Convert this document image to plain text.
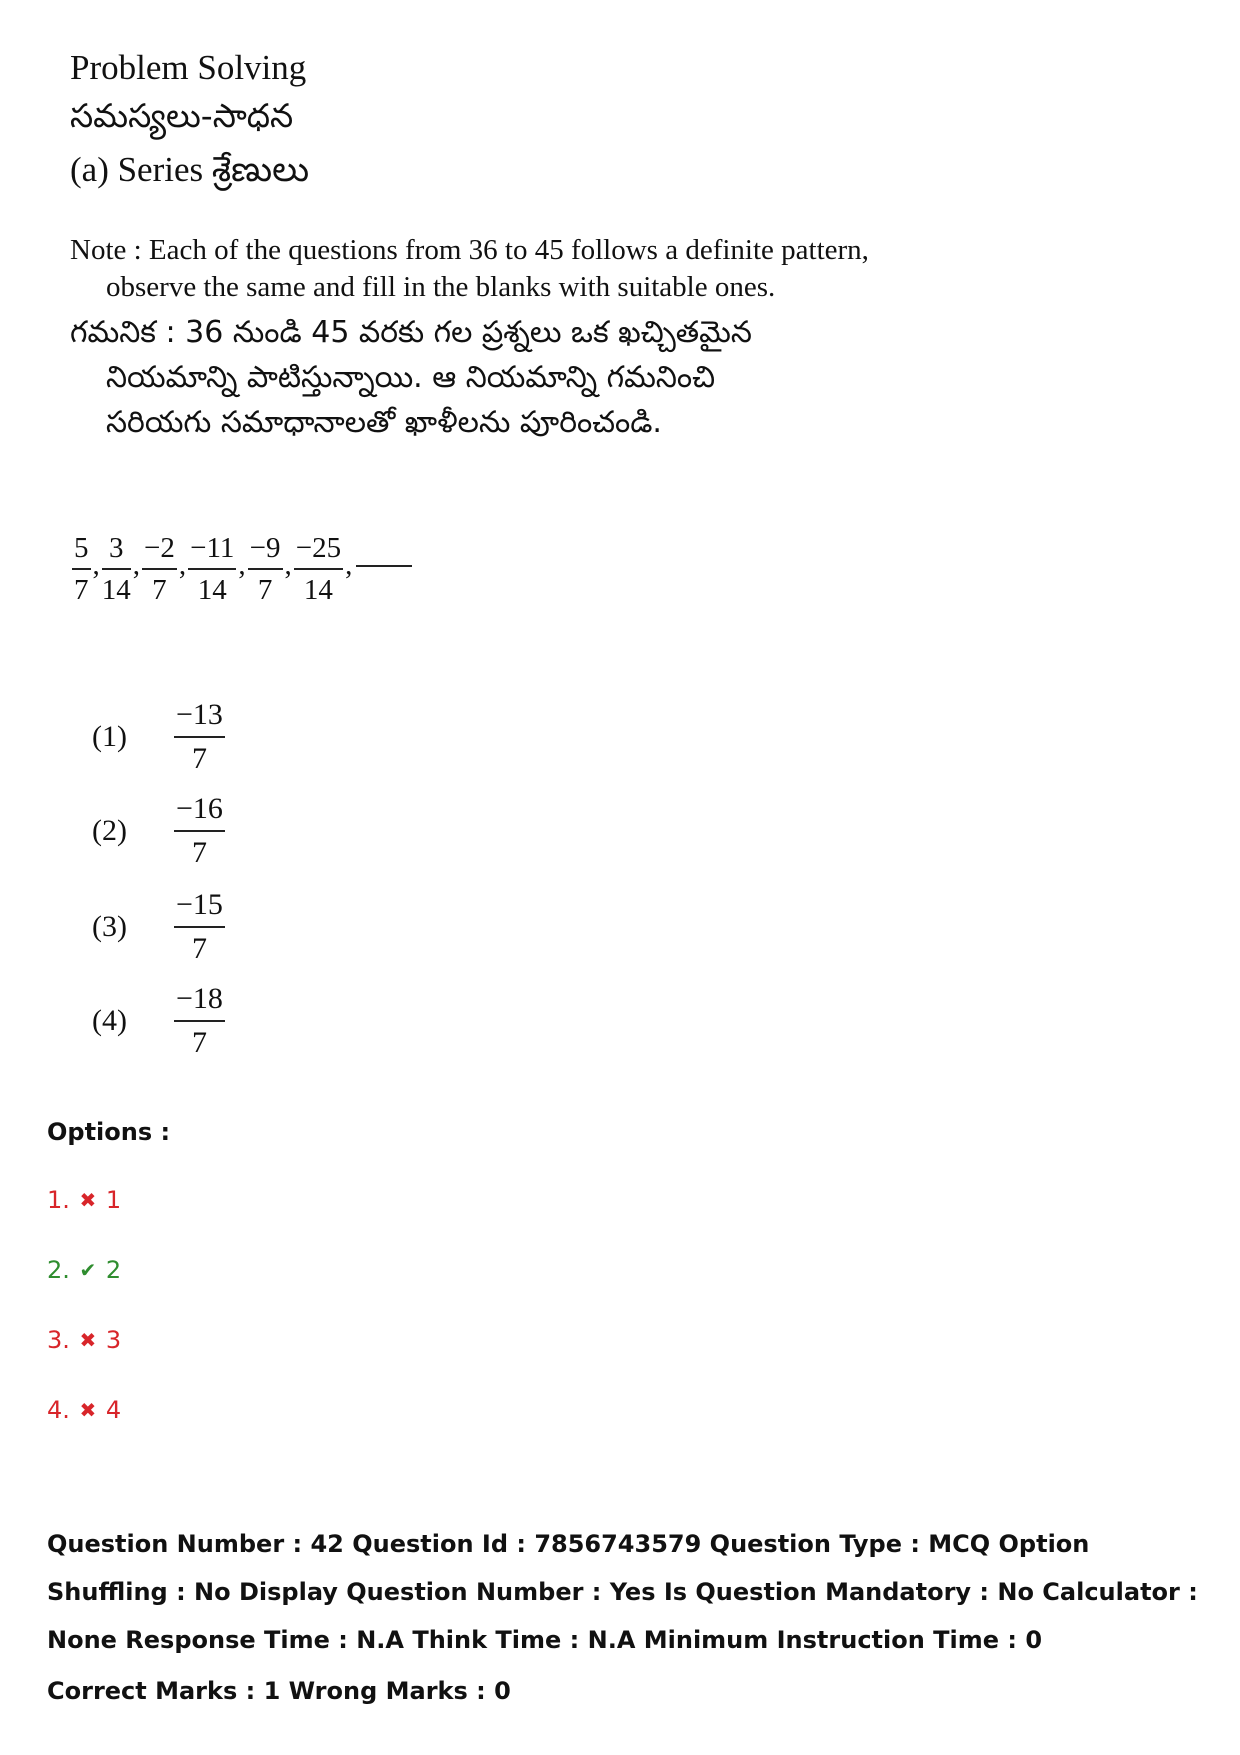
Problem Solving
సమస్యలు-సాధన
(a) Series శ్రేణులు
Note : Each of the questions from 36 to 45 follows a definite pattern,
observe the same and fill in the blanks with suitable ones.
గమనిక : 36 నుండి 45 వరకు గల ప్రశ్నలు ఒక ఖచ్చితమైన
నియమాన్ని పాటిస్తున్నాయి. ఆ నియమాన్ని గమనించి
సరియగు సమాధానాలతో ఖాళీలను పూరించండి.
$\frac{5}{7}$ , $\frac{3}{14}$ , $\frac{-2}{7}$ , $\frac{-11}{14}$ , $\frac{-9}{7}$ , $\frac{-25}{14}$ ,
(1)	$\frac{-13}{7}$
(2)	$\frac{-16}{7}$
(3)	$\frac{-15}{7}$
(4)	$\frac{-18}{7}$
Options :
1. ✖ 1
2. ✔ 2
3. ✖ 3
4. ✖ 4
Question Number : 42 Question Id : 7856743579 Question Type : MCQ Option Shuffling : No Display Question Number : Yes Is Question Mandatory : No Calculator : None Response Time : N.A Think Time : N.A Minimum Instruction Time : 0
Correct Marks : 1 Wrong Marks : 0
